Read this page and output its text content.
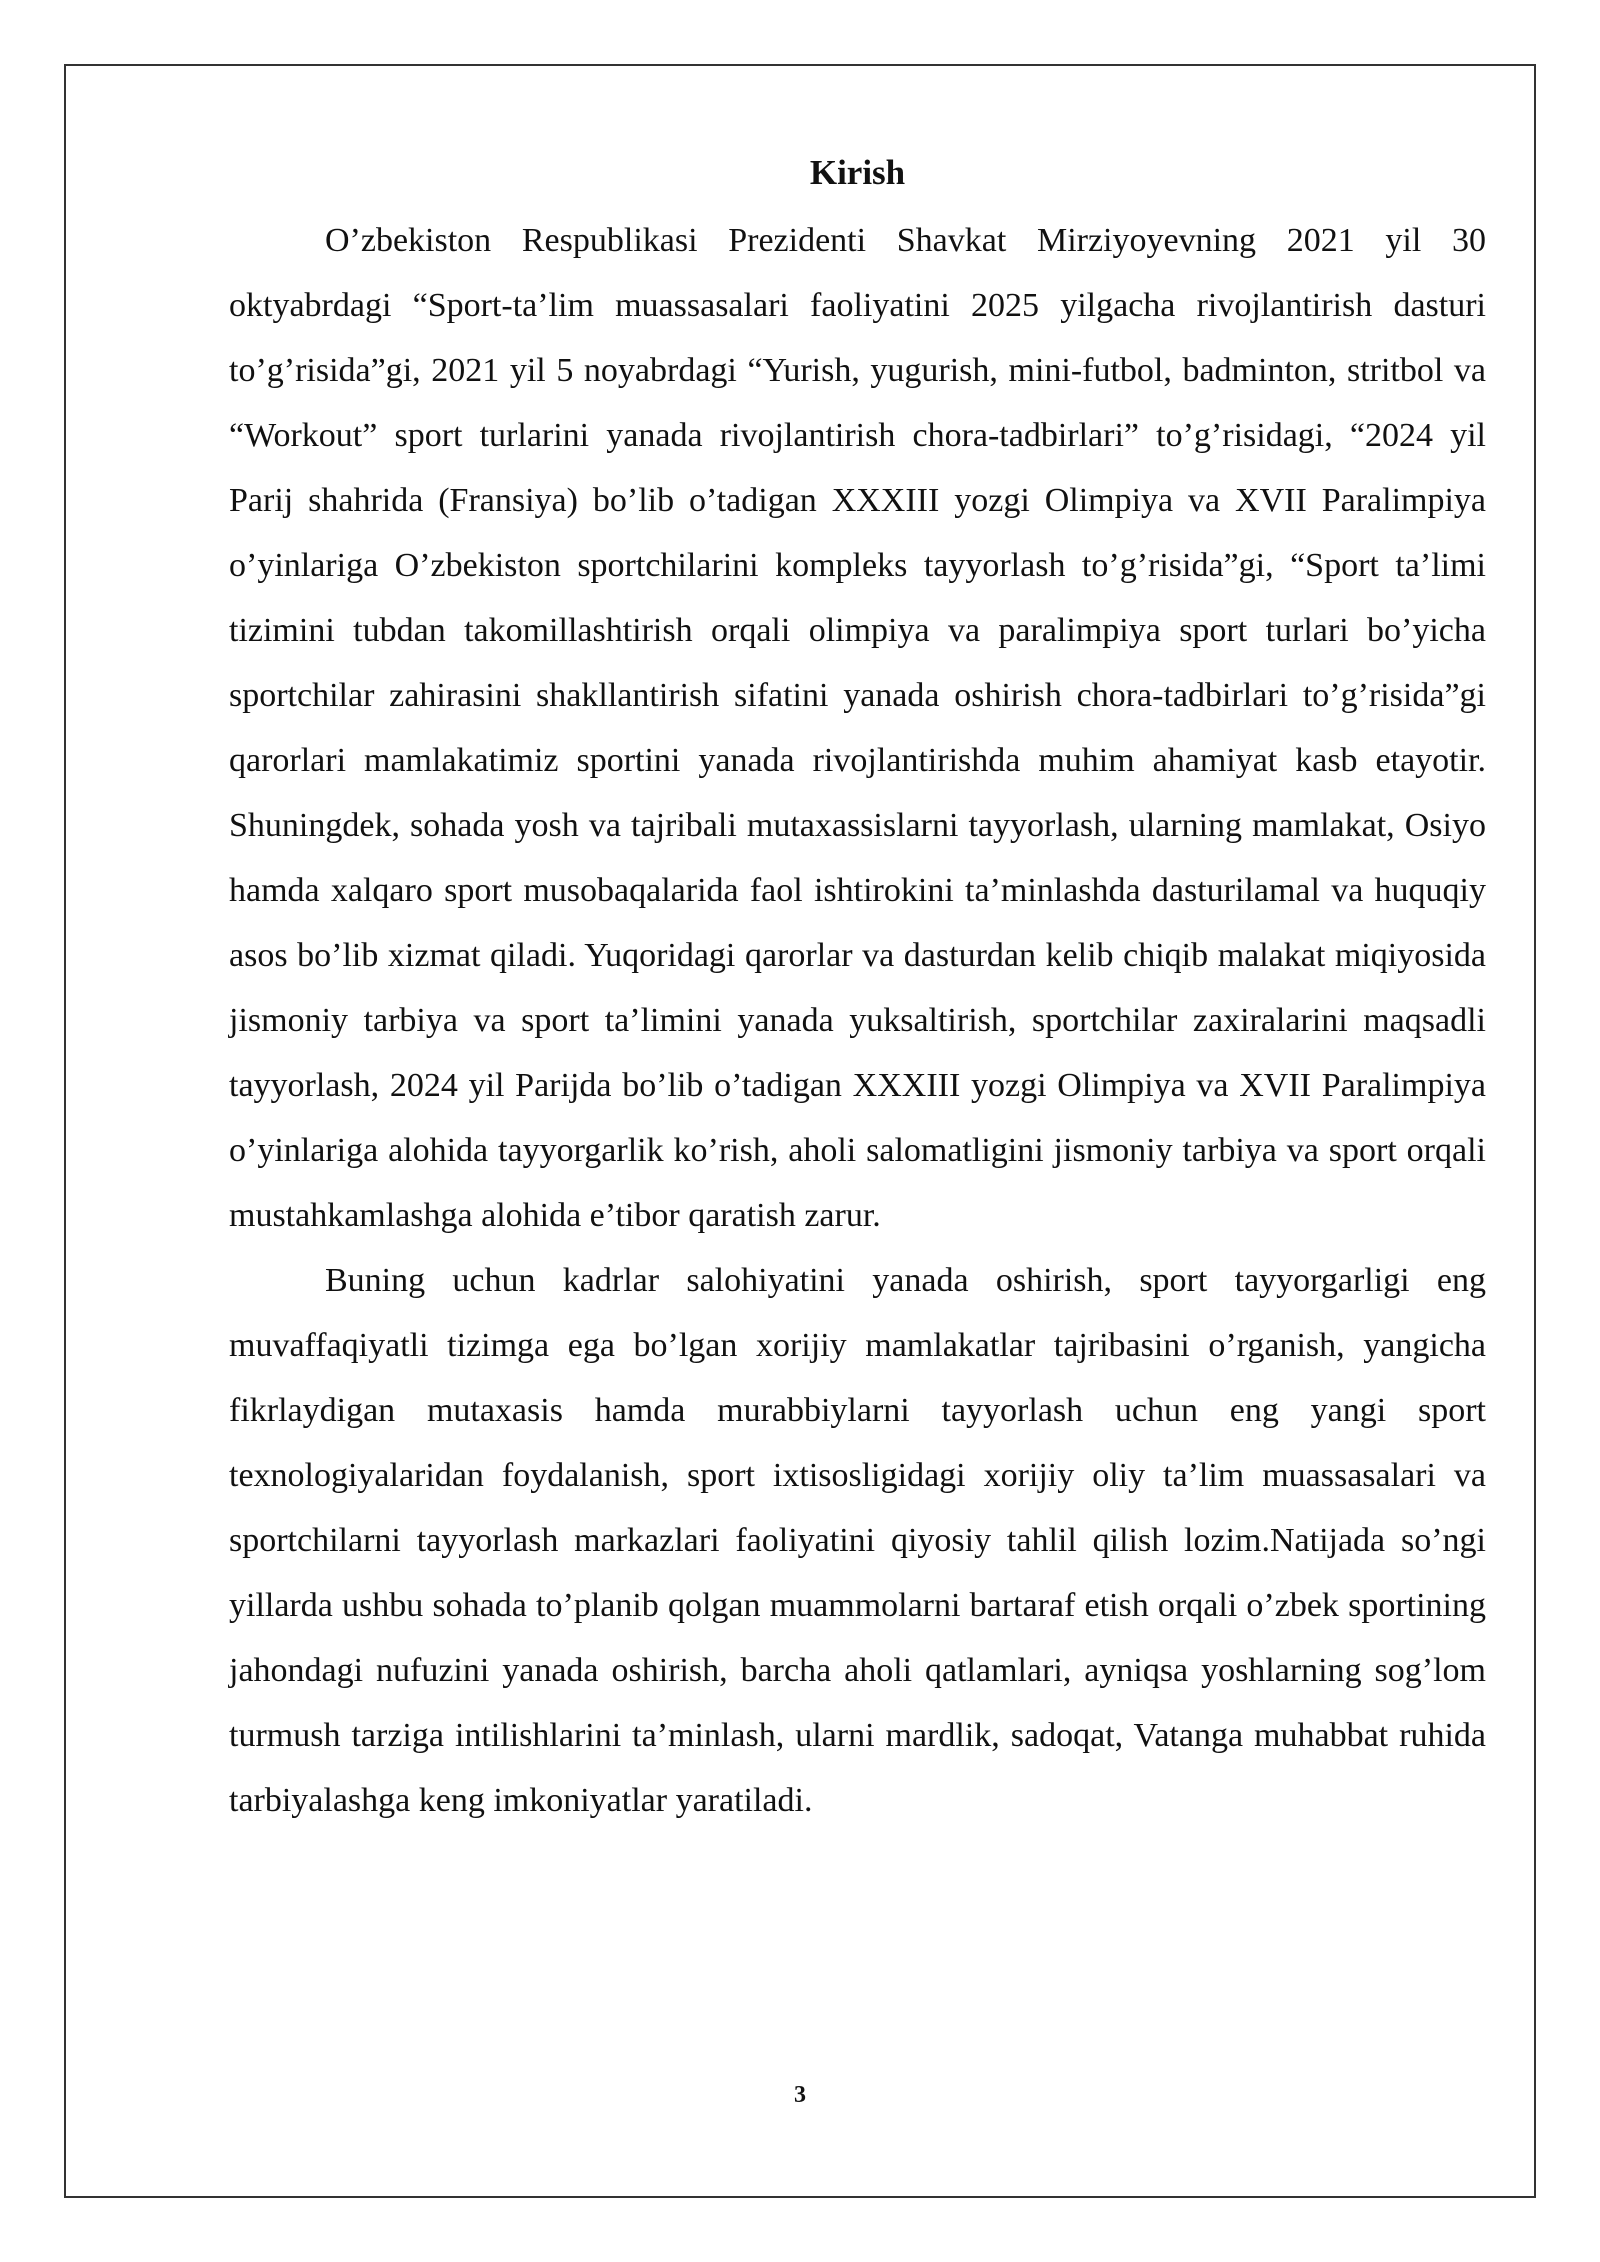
Kirish

O’zbekiston Respublikasi Prezidenti Shavkat Mirziyoyevning 2021 yil 30 oktyabrdagi “Sport-ta’lim muassasalari faoliyatini 2025 yilgacha rivojlantirish dasturi to’g’risida”gi, 2021 yil 5 noyabrdagi “Yurish, yugurish, mini-futbol, badminton, stritbol va “Workout” sport turlarini yanada rivojlantirish chora-tadbirlari” to’g’risidagi, “2024 yil Parij shahrida (Fransiya) bo’lib o’tadigan XXXIII yozgi Olimpiya va XVII Paralimpiya o’yinlariga O’zbekiston sportchilarini kompleks tayyorlash to’g’risida”gi, “Sport ta’limi tizimini tubdan takomillashtirish orqali olimpiya va paralimpiya sport turlari bo’yicha sportchilar zahirasini shakllantirish sifatini yanada oshirish chora-tadbirlari to’g’risida”gi qarorlari mamlakatimiz sportini yanada rivojlantirishda muhim ahamiyat kasb etayotir. Shuningdek, sohada yosh va tajribali mutaxassislarni tayyorlash, ularning mamlakat, Osiyo hamda xalqaro sport musobaqalarida faol ishtirokini ta’minlashda dasturilamal va huquqiy asos bo’lib xizmat qiladi. Yuqoridagi qarorlar va dasturdan kelib chiqib malakat miqiyosida jismoniy tarbiya va sport ta’limini yanada yuksaltirish, sportchilar zaxiralarini maqsadli tayyorlash, 2024 yil Parijda bo’lib o’tadigan XXXIII yozgi Olimpiya va XVII Paralimpiya o’yinlariga alohida tayyorgarlik ko’rish, aholi salomatligini jismoniy tarbiya va sport orqali mustahkamlashga alohida e’tibor qaratish zarur.

Buning uchun kadrlar salohiyatini yanada oshirish, sport tayyorgarligi eng muvaffaqiyatli tizimga ega bo’lgan xorijiy mamlakatlar tajribasini o’rganish, yangicha fikrlaydigan mutaxasis hamda murabbiylarni tayyorlash uchun eng yangi sport texnologiyalaridan foydalanish, sport ixtisosligidagi xorijiy oliy ta’lim muassasalari va sportchilarni tayyorlash markazlari faoliyatini qiyosiy tahlil qilish lozim.Natijada so’ngi yillarda ushbu sohada to’planib qolgan muammolarni bartaraf etish orqali o’zbek sportining jahondagi nufuzini yanada oshirish, barcha aholi qatlamlari, ayniqsa yoshlarning sog’lom turmush tarziga intilishlarini ta’minlash, ularni mardlik, sadoqat, Vatanga muhabbat ruhida tarbiyalashga keng imkoniyatlar yaratiladi.

3
